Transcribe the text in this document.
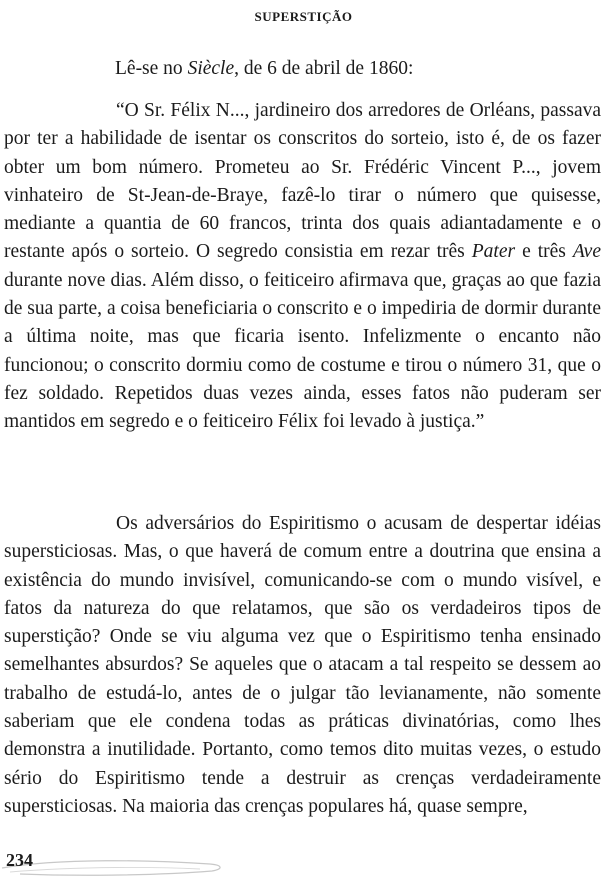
SUPERSTIÇÃO
Lê-se no Siècle, de 6 de abril de 1860:

“O Sr. Félix N..., jardineiro dos arredores de Orléans, passava por ter a habilidade de isentar os conscritos do sorteio, isto é, de os fazer obter um bom número. Prometeu ao Sr. Frédéric Vincent P..., jovem vinhateiro de St-Jean-de-Braye, fazê-lo tirar o número que quisesse, mediante a quantia de 60 francos, trinta dos quais adiantadamente e o restante após o sorteio. O segredo consistia em rezar três Pater e três Ave durante nove dias. Além disso, o feiticeiro afirmava que, graças ao que fazia de sua parte, a coisa beneficiaria o conscrito e o impediria de dormir durante a última noite, mas que ficaria isento. Infelizmente o encanto não funcionou; o conscrito dormiu como de costume e tirou o número 31, que o fez soldado. Repetidos duas vezes ainda, esses fatos não puderam ser mantidos em segredo e o feiticeiro Félix foi levado à justiça.”

Os adversários do Espiritismo o acusam de despertar idéias supersticiosas. Mas, o que haverá de comum entre a doutrina que ensina a existência do mundo invisível, comunicando-se com o mundo visível, e fatos da natureza do que relatamos, que são os verdadeiros tipos de superstição? Onde se viu alguma vez que o Espiritismo tenha ensinado semelhantes absurdos? Se aqueles que o atacam a tal respeito se dessem ao trabalho de estudá-lo, antes de o julgar tão levianamente, não somente saberiam que ele condena todas as práticas divinatórias, como lhes demonstra a inutilidade. Portanto, como temos dito muitas vezes, o estudo sério do Espiritismo tende a destruir as crenças verdadeiramente supersticiosas. Na maioria das crenças populares há, quase sempre,

234
